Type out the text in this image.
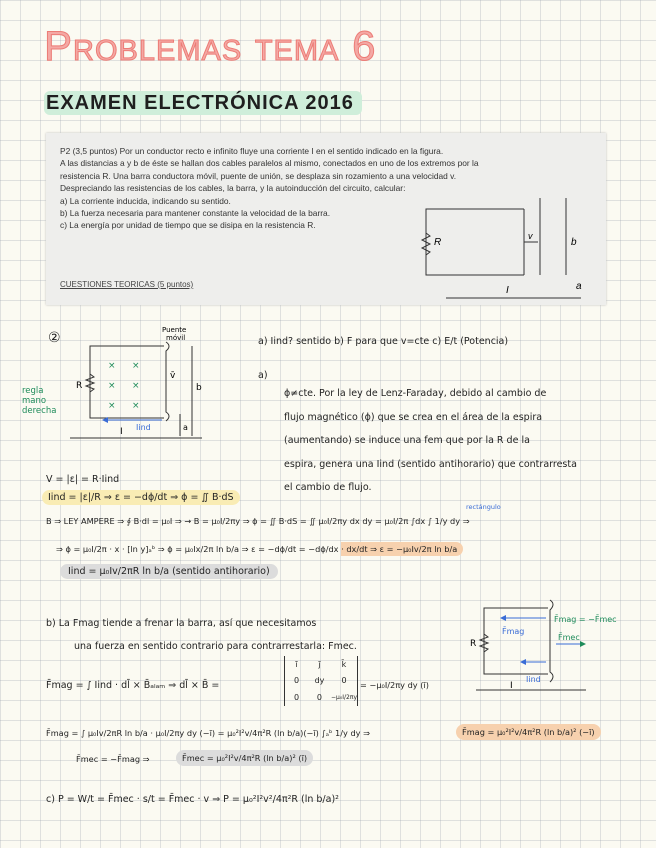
Problemas tema 6
EXAMEN ELECTRÓNICA 2016

P2 (3,5 puntos) Por un conductor recto e infinito fluye una corriente I en el sentido indicado en la figura.

A las distancias a y b de éste se hallan dos cables paralelos al mismo, conectados en uno de los extremos por la

resistencia R. Una barra conductora móvil, puente de unión, se desplaza sin rozamiento a una velocidad v.

Despreciando las resistencias de los cables, la barra, y la autoinducción del circuito, calcular:

a) La corriente inducida, indicando su sentido.

b) La fuerza necesaria para mantener constante la velocidad de la barra.

c) La energía por unidad de tiempo que se disipa en la resistencia R.

CUESTIONES TEORICAS (5 puntos)
R
v
b
I	a
②
regla
mano
derecha
× ×
× ×
× ×
Puente
móvil
R
v̄
b
a
I Iind
a) Iind? sentido b) F para que v=cte c) E/t (Potencia)
a)
ϕ≠cte. Por la ley de Lenz-Faraday, debido al cambio de
flujo magnético (ϕ) que se crea en el área de la espira
(aumentando) se induce una fem que por la R de la
espira, genera una Iind (sentido antihorario) que contrarresta
el cambio de flujo.
V = |ε| = R·Iind
Iind = |ε|/R ⇒ ε = −dϕ/dt ⇒ ϕ = ∬ B·dS
B ⇒ LEY AMPERE ⇒ ∮ B·dl = μ₀I ⇒ → B = μ₀I/2πy ⇒ ϕ = ∬ B·dS = ∬ μ₀I/2πy dx dy = μ₀I/2π ∫dx ∫ 1/y dy ⇒
rectángulo
⇒ ϕ = μ₀I/2π · x · [ln y]ₐᵇ ⇒ ϕ = μ₀Ix/2π ln b/a ⇒ ε = −dϕ/dt = −dϕ/dx · dx/dt ⇒ ε = −μ₀Iv/2π ln b/a
Iind = μ₀Iv/2πR ln b/a (sentido antihorario)
b) La Fmag tiende a frenar la barra, así que necesitamos
una fuerza en sentido contrario para contrarrestarla: Fmec.
F̄mag = −F̄mec
F̄mag
F̄mec
R
I
Iind
F̄mag = ∫ Iind · dl̄ × B̄ₐₗₐₘ ⇒ dl̄ × B̄ =
ī	j̄	k̄
0	dy	0
0	0	−μ₀I/2πy
= −μ₀I/2πy dy (ī)
F̄mag = ∫ μ₀Iv/2πR ln b/a · μ₀I/2πy dy (−ī) = μ₀²I²v/4π²R (ln b/a)(−ī) ∫ₐᵇ 1/y dy ⇒	F̄mag = μ₀²I²v/4π²R (ln b/a)² (−ī)
F̄mec = −F̄mag ⇒	F̄mec = μ₀²I²v/4π²R (ln b/a)² (ī)
c) P = W/t = F̄mec · s/t = F̄mec · v ⇒ P = μ₀²I²v²/4π²R (ln b/a)²
